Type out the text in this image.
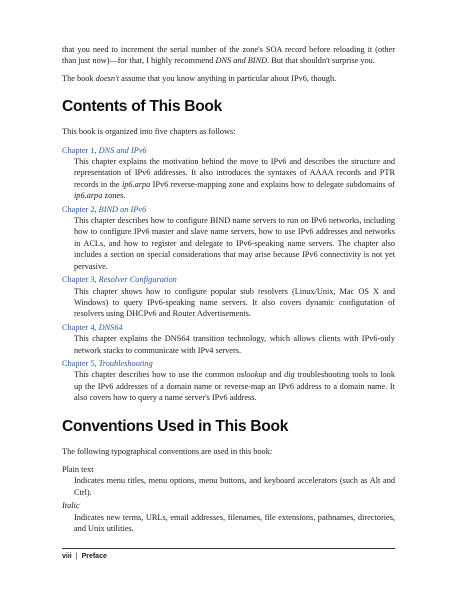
that you need to increment the serial number of the zone's SOA record before reloading it (other than just now)—for that, I highly recommend DNS and BIND. But that shouldn't surprise you.

The book doesn't assume that you know anything in particular about IPv6, though.

Contents of This Book

This book is organized into five chapters as follows:

Chapter 1, DNS and IPv6

This chapter explains the motivation behind the move to IPv6 and describes the structure and representation of IPv6 addresses. It also introduces the syntaxes of AAAA records and PTR records in the ip6.arpa IPv6 reverse-mapping zone and explains how to delegate subdomains of ip6.arpa zones.

Chapter 2, BIND on IPv6

This chapter describes how to configure BIND name servers to run on IPv6 networks, including how to configure IPv6 master and slave name servers, how to use IPv6 addresses and networks in ACLs, and how to register and delegate to IPv6-speaking name servers. The chapter also includes a section on special considerations that may arise because IPv6 connectivity is not yet pervasive.

Chapter 3, Resolver Configuration

This chapter shows how to configure popular stub resolvers (Linux/Unix, Mac OS X and Windows) to query IPv6-speaking name servers. It also covers dynamic configuration of resolvers using DHCPv6 and Router Advertisements.

Chapter 4, DNS64

This chapter explains the DNS64 transition technology, which allows clients with IPv6-only network stacks to communicate with IPv4 servers.

Chapter 5, Troubleshooting

This chapter describes how to use the common nslookup and dig troubleshooting tools to look up the IPv6 addresses of a domain name or reverse-map an IPv6 address to a domain name. It also covers how to query a name server's IPv6 address.

Conventions Used in This Book

The following typographical conventions are used in this book:

Plain text

Indicates menu titles, menu options, menu buttons, and keyboard accelerators (such as Alt and Ctrl).

Italic

Indicates new terms, URLs, email addresses, filenames, file extensions, pathnames, directories, and Unix utilities.

viii | Preface
